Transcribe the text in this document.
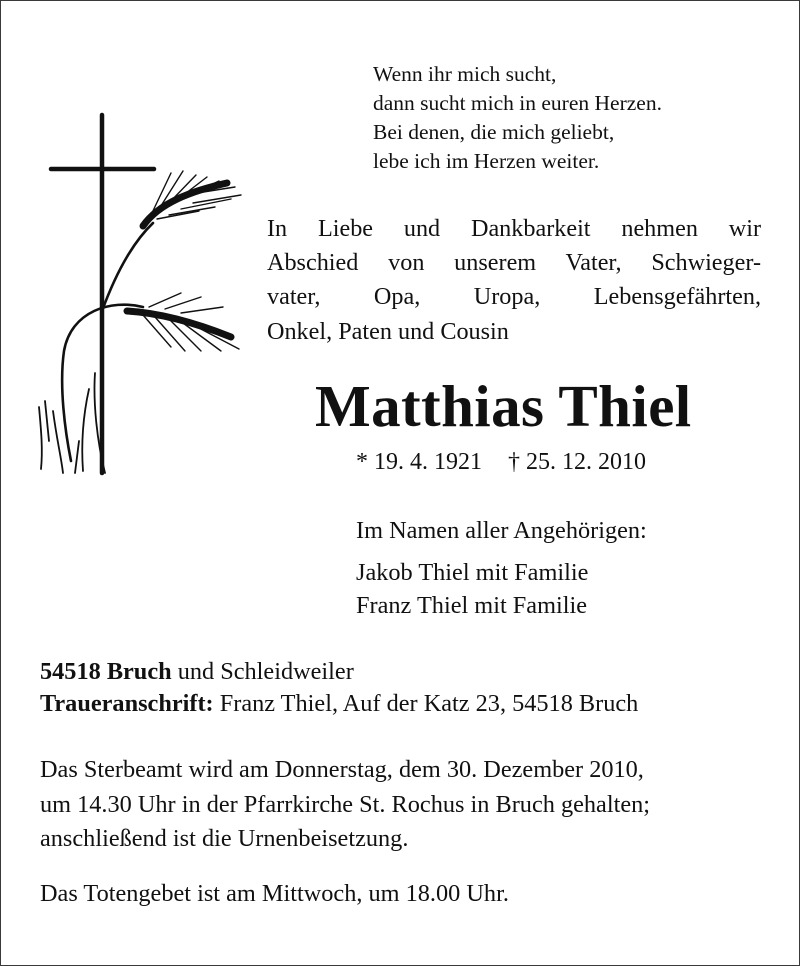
Wenn ihr mich sucht,
dann sucht mich in euren Herzen.
Bei denen, die mich geliebt,
lebe ich im Herzen weiter.
In Liebe und Dankbarkeit nehmen wir
Abschied von unserem Vater, Schwieger-
vater, Opa, Uropa, Lebensgefährten,
Onkel, Paten und Cousin
Matthias Thiel
* 19. 4. 1921 † 25. 12. 2010
Im Namen aller Angehörigen:
Jakob Thiel mit Familie
Franz Thiel mit Familie
54518 Bruch und Schleidweiler
Traueranschrift: Franz Thiel, Auf der Katz 23, 54518 Bruch
Das Sterbeamt wird am Donnerstag, dem 30. Dezember 2010,
um 14.30 Uhr in der Pfarrkirche St. Rochus in Bruch gehalten;
anschließend ist die Urnenbeisetzung.
Das Totengebet ist am Mittwoch, um 18.00 Uhr.
